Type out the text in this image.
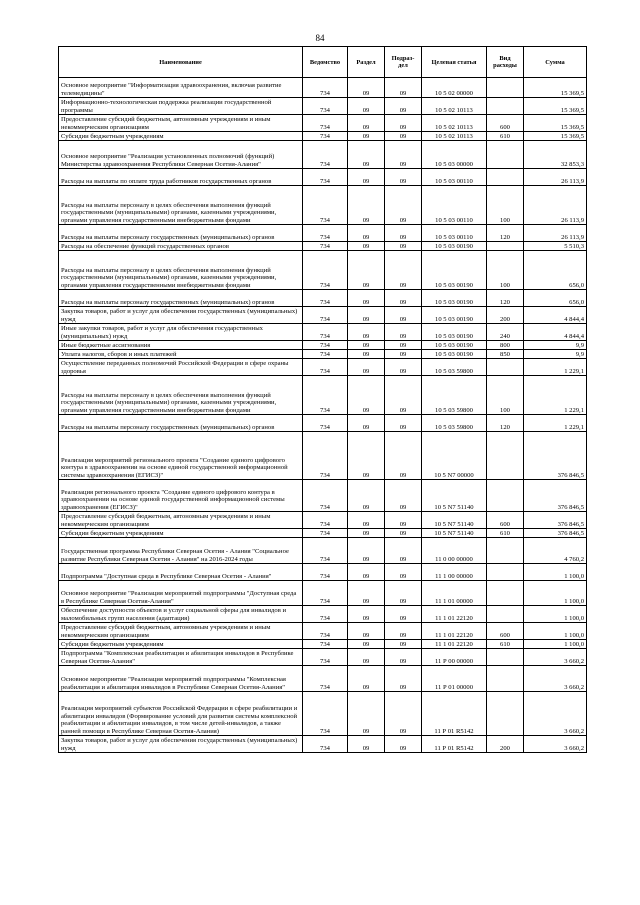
84
Наименование	Ведомство	Раздел	Подраз-дел	Целевая статья	Вид расходы	Сумма
Основное мероприятие "Информатизация здравоохранения, включая развитие телемедицины"	734	09	09	10 5 02 00000		15 369,5
Информационно-технологическая поддержка реализации государственной программы	734	09	09	10 5 02 10113		15 369,5
Предоставление субсидий бюджетным, автономным учреждениям и иным некоммерческим организациям	734	09	09	10 5 02 10113	600	15 369,5
Субсидии бюджетным учреждениям	734	09	09	10 5 02 10113	610	15 369,5
Основное мероприятие "Реализация установленных полномочий (функций) Министерства здравоохранения Республики Северная Осетия-Алания"	734	09	09	10 5 03 00000		32 853,3
Расходы на выплаты по оплате труда работников государственных органов	734	09	09	10 5 03 00110		26 113,9
Расходы на выплаты персоналу в целях обеспечения выполнения функций государственными (муниципальными) органами, казенными учреждениями, органами управления государственными внебюджетными фондами	734	09	09	10 5 03 00110	100	26 113,9
Расходы на выплаты персоналу государственных (муниципальных) органов	734	09	09	10 5 03 00110	120	26 113,9
Расходы на обеспечение функций государственных органов	734	09	09	10 5 03 00190		5 510,3
Расходы на выплаты персоналу в целях обеспечения выполнения функций государственными (муниципальными) органами, казенными учреждениями, органами управления государственными внебюджетными фондами	734	09	09	10 5 03 00190	100	656,0
Расходы на выплаты персоналу государственных (муниципальных) органов	734	09	09	10 5 03 00190	120	656,0
Закупка товаров, работ и услуг для обеспечения государственных (муниципальных) нужд	734	09	09	10 5 03 00190	200	4 844,4
Иные закупки товаров, работ и услуг для обеспечения государственных (муниципальных) нужд	734	09	09	10 5 03 00190	240	4 844,4
Иные бюджетные ассигнования	734	09	09	10 5 03 00190	800	9,9
Уплата налогов, сборов и иных платежей	734	09	09	10 5 03 00190	850	9,9
Осуществление переданных полномочий Российской Федерации в сфере охраны здоровья	734	09	09	10 5 03 59800		1 229,1
Расходы на выплаты персоналу в целях обеспечения выполнения функций государственными (муниципальными) органами, казенными учреждениями, органами управления государственными внебюджетными фондами	734	09	09	10 5 03 59800	100	1 229,1
Расходы на выплаты персоналу государственных (муниципальных) органов	734	09	09	10 5 03 59800	120	1 229,1
Реализация мероприятий регионального проекта "Создание единого цифрового контура в здравоохранении на основе единой государственной информационной системы здравоохранения (ЕГИСЗ)"	734	09	09	10 5 N7 00000		376 846,5
Реализация регионального проекта "Создание единого цифрового контура в здравоохранении на основе единой государственной информационной системы здравоохранения (ЕГИСЗ)"	734	09	09	10 5 N7 51140		376 846,5
Предоставление субсидий бюджетным, автономным учреждениям и иным некоммерческим организациям	734	09	09	10 5 N7 51140	600	376 846,5
Субсидии бюджетным учреждениям	734	09	09	10 5 N7 51140	610	376 846,5
Государственная программа Республики Северная Осетия - Алания "Социальное развитие Республики Северная Осетия - Алания" на 2016-2024 годы	734	09	09	11 0 00 00000		4 760,2
Подпрограмма "Доступная среда в Республике Северная Осетия - Алания"	734	09	09	11 1 00 00000		1 100,0
Основное мероприятие "Реализация мероприятий подпрограммы "Доступная среда в Республике Северная Осетия-Алания"	734	09	09	11 1 01 00000		1 100,0
Обеспечение доступности объектов и услуг социальной сферы для инвалидов и маломобильных групп населения (адаптация)	734	09	09	11 1 01 22120		1 100,0
Предоставление субсидий бюджетным, автономным учреждениям и иным некоммерческим организациям	734	09	09	11 1 01 22120	600	1 100,0
Субсидии бюджетным учреждениям	734	09	09	11 1 01 22120	610	1 100,0
Подпрограмма "Комплексная реабилитация и абилитация инвалидов в Республике Северная Осетия-Алания"	734	09	09	11 Р 00 00000		3 660,2
Основное мероприятие "Реализация мероприятий подпрограммы "Комплексная реабилитация и абилитация инвалидов в Республике Северная Осетия-Алания"	734	09	09	11 Р 01 00000		3 660,2
Реализация мероприятий субъектов Российской Федерации в сфере реабилитации и абилитации инвалидов (Формирование условий для развития системы комплексной реабилитации и абилитации инвалидов, в том числе детей-инвалидов, а также ранней помощи в Республике Северная Осетия-Алания)	734	09	09	11 Р 01 R5142		3 660,2
Закупка товаров, работ и услуг для обеспечения государственных (муниципальных) нужд	734	09	09	11 Р 01 R5142	200	3 660,2
